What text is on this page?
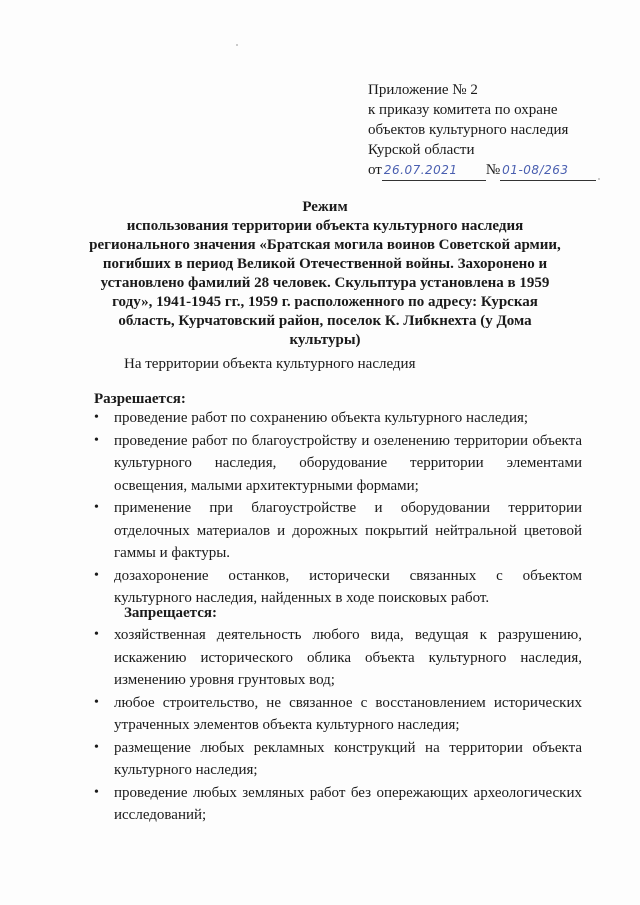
Приложение № 2
к приказу комитета по охране
объектов культурного наследия
Курской области
от 26.07.2021 № 01-08/263
Режим
использования территории объекта культурного наследия
регионального значения «Братская могила воинов Советской армии,
погибших в период Великой Отечественной войны. Захоронено и
установлено фамилий 28 человек. Скульптура установлена в 1959
году», 1941-1945 гг., 1959 г. расположенного по адресу: Курская
область, Курчатовский район, поселок К. Либкнехта (у Дома
культуры)
На территории объекта культурного наследия
Разрешается:
• проведение работ по сохранению объекта культурного наследия;
• проведение работ по благоустройству и озеленению территории объекта
культурного наследия, оборудование территории элементами
освещения, малыми архитектурными формами;
• применение при благоустройстве и оборудовании территории
отделочных материалов и дорожных покрытий нейтральной цветовой
гаммы и фактуры.
• дозахоронение останков, исторически связанных с объектом
культурного наследия, найденных в ходе поисковых работ.
Запрещается:
• хозяйственная деятельность любого вида, ведущая к разрушению,
искажению исторического облика объекта культурного наследия,
изменению уровня грунтовых вод;
• любое строительство, не связанное с восстановлением исторических
утраченных элементов объекта культурного наследия;
• размещение любых рекламных конструкций на территории объекта
культурного наследия;
• проведение любых земляных работ без опережающих археологических
исследований;
